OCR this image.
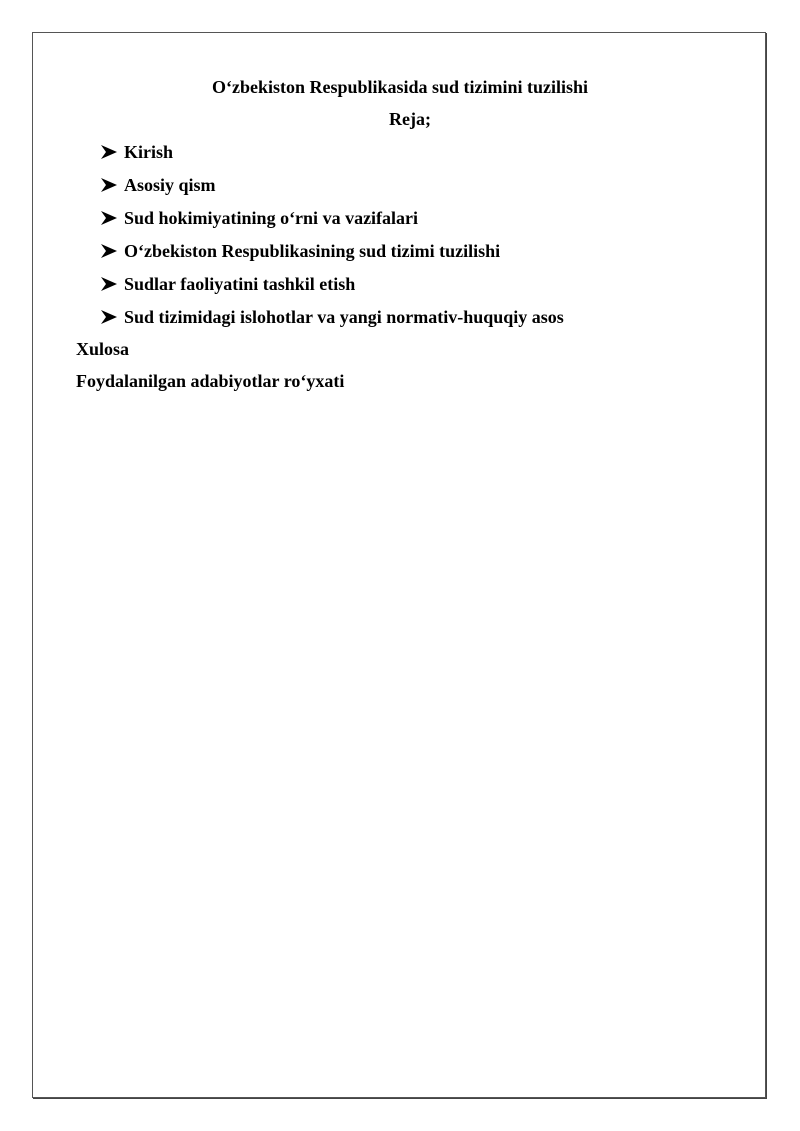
Oʻzbekiston Respublikasida sud tizimini tuzilishi
Reja;
Kirish
Asosiy qism
Sud hokimiyatining oʻrni va vazifalari
Oʻzbekiston Respublikasining sud tizimi tuzilishi
Sudlar faoliyatini tashkil etish
Sud tizimidagi islohotlar va yangi normativ-huquqiy asos
Xulosa
Foydalanilgan adabiyotlar roʻyxati
